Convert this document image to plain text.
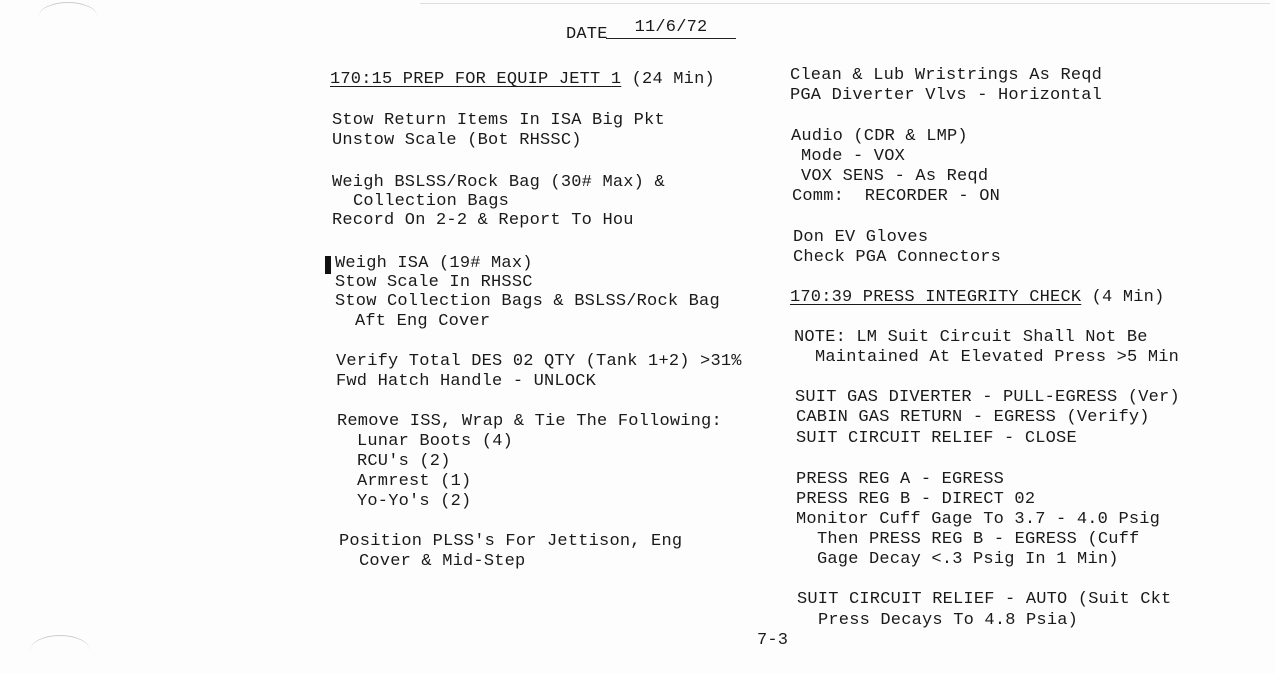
DATE	11/6/72
170:15 PREP FOR EQUIP JETT 1 (24 Min)
170:39 PRESS INTEGRITY CHECK (4 Min)
7-3
Stow Return Items In ISA Big Pkt
Unstow Scale (Bot RHSSC)
Weigh BSLSS/Rock Bag (30# Max) &
Collection Bags
Record On 2-2 & Report To Hou
Weigh ISA (19# Max)
Stow Scale In RHSSC
Stow Collection Bags & BSLSS/Rock Bag
Aft Eng Cover
Verify Total DES 02 QTY (Tank 1+2) >31%
Fwd Hatch Handle - UNLOCK
Remove ISS, Wrap & Tie The Following:
Lunar Boots (4)
RCU's (2)
Armrest (1)
Yo-Yo's (2)
Position PLSS's For Jettison, Eng
Cover & Mid-Step
Clean & Lub Wristrings As Reqd
PGA Diverter Vlvs - Horizontal
Audio (CDR & LMP)
Mode - VOX
VOX SENS - As Reqd
Comm:  RECORDER - ON
Don EV Gloves
Check PGA Connectors
NOTE: LM Suit Circuit Shall Not Be
Maintained At Elevated Press >5 Min
SUIT GAS DIVERTER - PULL-EGRESS (Ver)
CABIN GAS RETURN - EGRESS (Verify)
SUIT CIRCUIT RELIEF - CLOSE
PRESS REG A - EGRESS
PRESS REG B - DIRECT 02
Monitor Cuff Gage To 3.7 - 4.0 Psig
Then PRESS REG B - EGRESS (Cuff
Gage Decay <.3 Psig In 1 Min)
SUIT CIRCUIT RELIEF - AUTO (Suit Ckt
Press Decays To 4.8 Psia)
